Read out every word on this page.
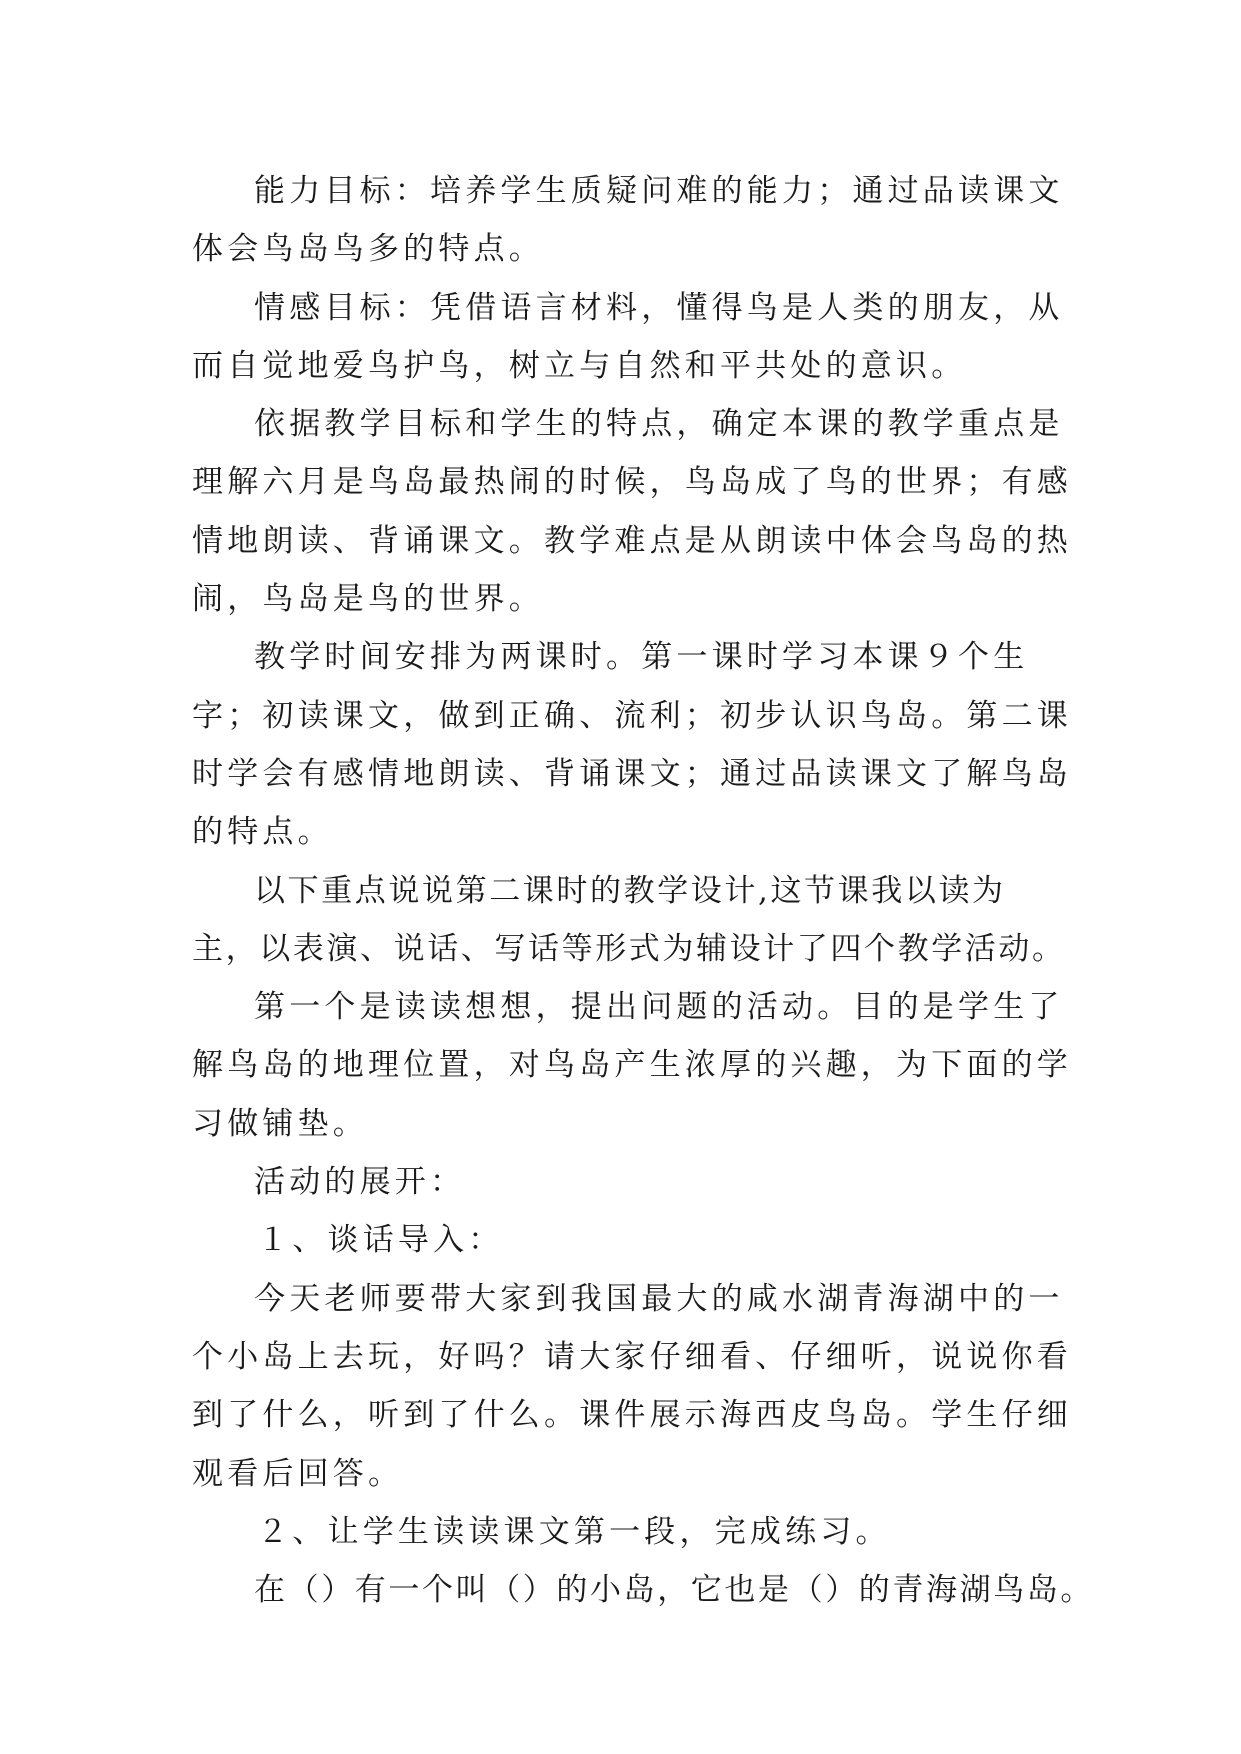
能力目标：培养学生质疑问难的能力；通过品读课文体会鸟岛鸟多的特点。

情感目标：凭借语言材料，懂得鸟是人类的朋友，从而自觉地爱鸟护鸟，树立与自然和平共处的意识。

依据教学目标和学生的特点，确定本课的教学重点是理解六月是鸟岛最热闹的时候，鸟岛成了鸟的世界；有感情地朗读、背诵课文。教学难点是从朗读中体会鸟岛的热闹，鸟岛是鸟的世界。

教学时间安排为两课时。第一课时学习本课９个生字；初读课文，做到正确、流利；初步认识鸟岛。第二课时学会有感情地朗读、背诵课文；通过品读课文了解鸟岛的特点。

以下重点说说第二课时的教学设计,这节课我以读为主，以表演、说话、写话等形式为辅设计了四个教学活动。

第一个是读读想想，提出问题的活动。目的是学生了解鸟岛的地理位置，对鸟岛产生浓厚的兴趣，为下面的学习做铺垫。

活动的展开：

１、谈话导入：

今天老师要带大家到我国最大的咸水湖青海湖中的一个小岛上去玩，好吗？请大家仔细看、仔细听，说说你看到了什么，听到了什么。课件展示海西皮鸟岛。学生仔细观看后回答。

２、让学生读读课文第一段，完成练习。

在（）有一个叫（）的小岛，它也是（）的青海湖鸟岛。
